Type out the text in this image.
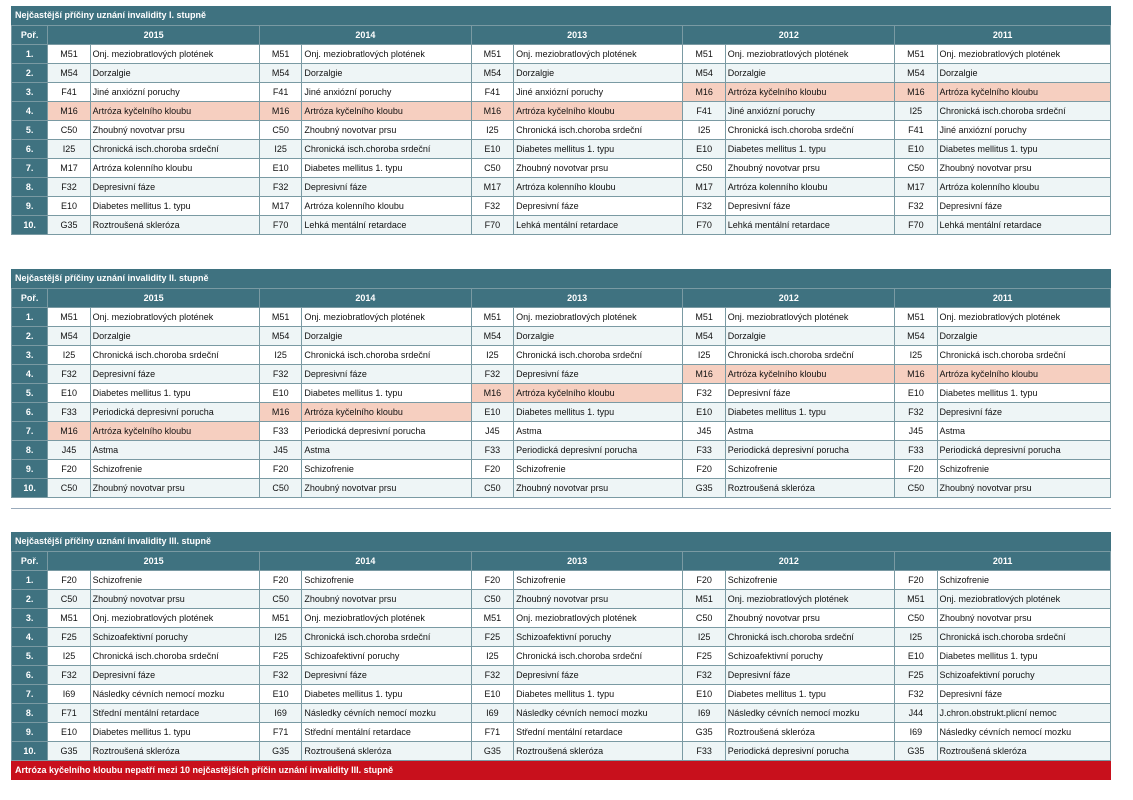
Nejčastější příčiny uznání invalidity I. stupně
Poř.	2015		2014		2013		2012		2011	
1.	M51	Onj. meziobratlových plotének	M51	Onj. meziobratlových plotének	M51	Onj. meziobratlových plotének	M51	Onj. meziobratlových plotének	M51	Onj. meziobratlových plotének
2.	M54	Dorzalgie	M54	Dorzalgie	M54	Dorzalgie	M54	Dorzalgie	M54	Dorzalgie
3.	F41	Jiné anxiózní poruchy	F41	Jiné anxiózní poruchy	F41	Jiné anxiózní poruchy	M16	Artróza kyčelního kloubu	M16	Artróza kyčelního kloubu
4.	M16	Artróza kyčelního kloubu	M16	Artróza kyčelního kloubu	M16	Artróza kyčelního kloubu	F41	Jiné anxiózní poruchy	I25	Chronická isch.choroba srdeční
5.	C50	Zhoubný novotvar prsu	C50	Zhoubný novotvar prsu	I25	Chronická isch.choroba srdeční	I25	Chronická isch.choroba srdeční	F41	Jiné anxiózní poruchy
6.	I25	Chronická isch.choroba srdeční	I25	Chronická isch.choroba srdeční	E10	Diabetes mellitus 1. typu	E10	Diabetes mellitus 1. typu	E10	Diabetes mellitus 1. typu
7.	M17	Artróza kolenního kloubu	E10	Diabetes mellitus 1. typu	C50	Zhoubný novotvar prsu	C50	Zhoubný novotvar prsu	C50	Zhoubný novotvar prsu
8.	F32	Depresivní fáze	F32	Depresivní fáze	M17	Artróza kolenního kloubu	M17	Artróza kolenního kloubu	M17	Artróza kolenního kloubu
9.	E10	Diabetes mellitus 1. typu	M17	Artróza kolenního kloubu	F32	Depresivní fáze	F32	Depresivní fáze	F32	Depresivní fáze
10.	G35	Roztroušená skleróza	F70	Lehká mentální retardace	F70	Lehká mentální retardace	F70	Lehká mentální retardace	F70	Lehká mentální retardace
Nejčastější příčiny uznání invalidity II. stupně
Poř.	2015		2014		2013		2012		2011	
1.	M51	Onj. meziobratlových plotének	M51	Onj. meziobratlových plotének	M51	Onj. meziobratlových plotének	M51	Onj. meziobratlových plotének	M51	Onj. meziobratlových plotének
2.	M54	Dorzalgie	M54	Dorzalgie	M54	Dorzalgie	M54	Dorzalgie	M54	Dorzalgie
3.	I25	Chronická isch.choroba srdeční	I25	Chronická isch.choroba srdeční	I25	Chronická isch.choroba srdeční	I25	Chronická isch.choroba srdeční	I25	Chronická isch.choroba srdeční
4.	F32	Depresivní fáze	F32	Depresivní fáze	F32	Depresivní fáze	M16	Artróza kyčelního kloubu	M16	Artróza kyčelního kloubu
5.	E10	Diabetes mellitus 1. typu	E10	Diabetes mellitus 1. typu	M16	Artróza kyčelního kloubu	F32	Depresivní fáze	E10	Diabetes mellitus 1. typu
6.	F33	Periodická depresivní porucha	M16	Artróza kyčelního kloubu	E10	Diabetes mellitus 1. typu	E10	Diabetes mellitus 1. typu	F32	Depresivní fáze
7.	M16	Artróza kyčelního kloubu	F33	Periodická depresivní porucha	J45	Astma	J45	Astma	J45	Astma
8.	J45	Astma	J45	Astma	F33	Periodická depresivní porucha	F33	Periodická depresivní porucha	F33	Periodická depresivní porucha
9.	F20	Schizofrenie	F20	Schizofrenie	F20	Schizofrenie	F20	Schizofrenie	F20	Schizofrenie
10.	C50	Zhoubný novotvar prsu	C50	Zhoubný novotvar prsu	C50	Zhoubný novotvar prsu	G35	Roztroušená skleróza	C50	Zhoubný novotvar prsu
Nejčastější příčiny uznání invalidity III. stupně
Poř.	2015		2014		2013		2012		2011	
1.	F20	Schizofrenie	F20	Schizofrenie	F20	Schizofrenie	F20	Schizofrenie	F20	Schizofrenie
2.	C50	Zhoubný novotvar prsu	C50	Zhoubný novotvar prsu	C50	Zhoubný novotvar prsu	M51	Onj. meziobratlových plotének	M51	Onj. meziobratlových plotének
3.	M51	Onj. meziobratlových plotének	M51	Onj. meziobratlových plotének	M51	Onj. meziobratlových plotének	C50	Zhoubný novotvar prsu	C50	Zhoubný novotvar prsu
4.	F25	Schizoafektivní poruchy	I25	Chronická isch.choroba srdeční	F25	Schizoafektivní poruchy	I25	Chronická isch.choroba srdeční	I25	Chronická isch.choroba srdeční
5.	I25	Chronická isch.choroba srdeční	F25	Schizoafektivní poruchy	I25	Chronická isch.choroba srdeční	F25	Schizoafektivní poruchy	E10	Diabetes mellitus 1. typu
6.	F32	Depresivní fáze	F32	Depresivní fáze	F32	Depresivní fáze	F32	Depresivní fáze	F25	Schizoafektivní poruchy
7.	I69	Následky cévních nemocí mozku	E10	Diabetes mellitus 1. typu	E10	Diabetes mellitus 1. typu	E10	Diabetes mellitus 1. typu	F32	Depresivní fáze
8.	F71	Střední mentální retardace	I69	Následky cévních nemocí mozku	I69	Následky cévních nemocí mozku	I69	Následky cévních nemocí mozku	J44	J.chron.obstrukt.plicní nemoc
9.	E10	Diabetes mellitus 1. typu	F71	Střední mentální retardace	F71	Střední mentální retardace	G35	Roztroušená skleróza	I69	Následky cévních nemocí mozku
10.	G35	Roztroušená skleróza	G35	Roztroušená skleróza	G35	Roztroušená skleróza	F33	Periodická depresivní porucha	G35	Roztroušená skleróza
Artróza kyčelního kloubu nepatří mezi 10 nejčastějších příčin uznání invalidity III. stupně
